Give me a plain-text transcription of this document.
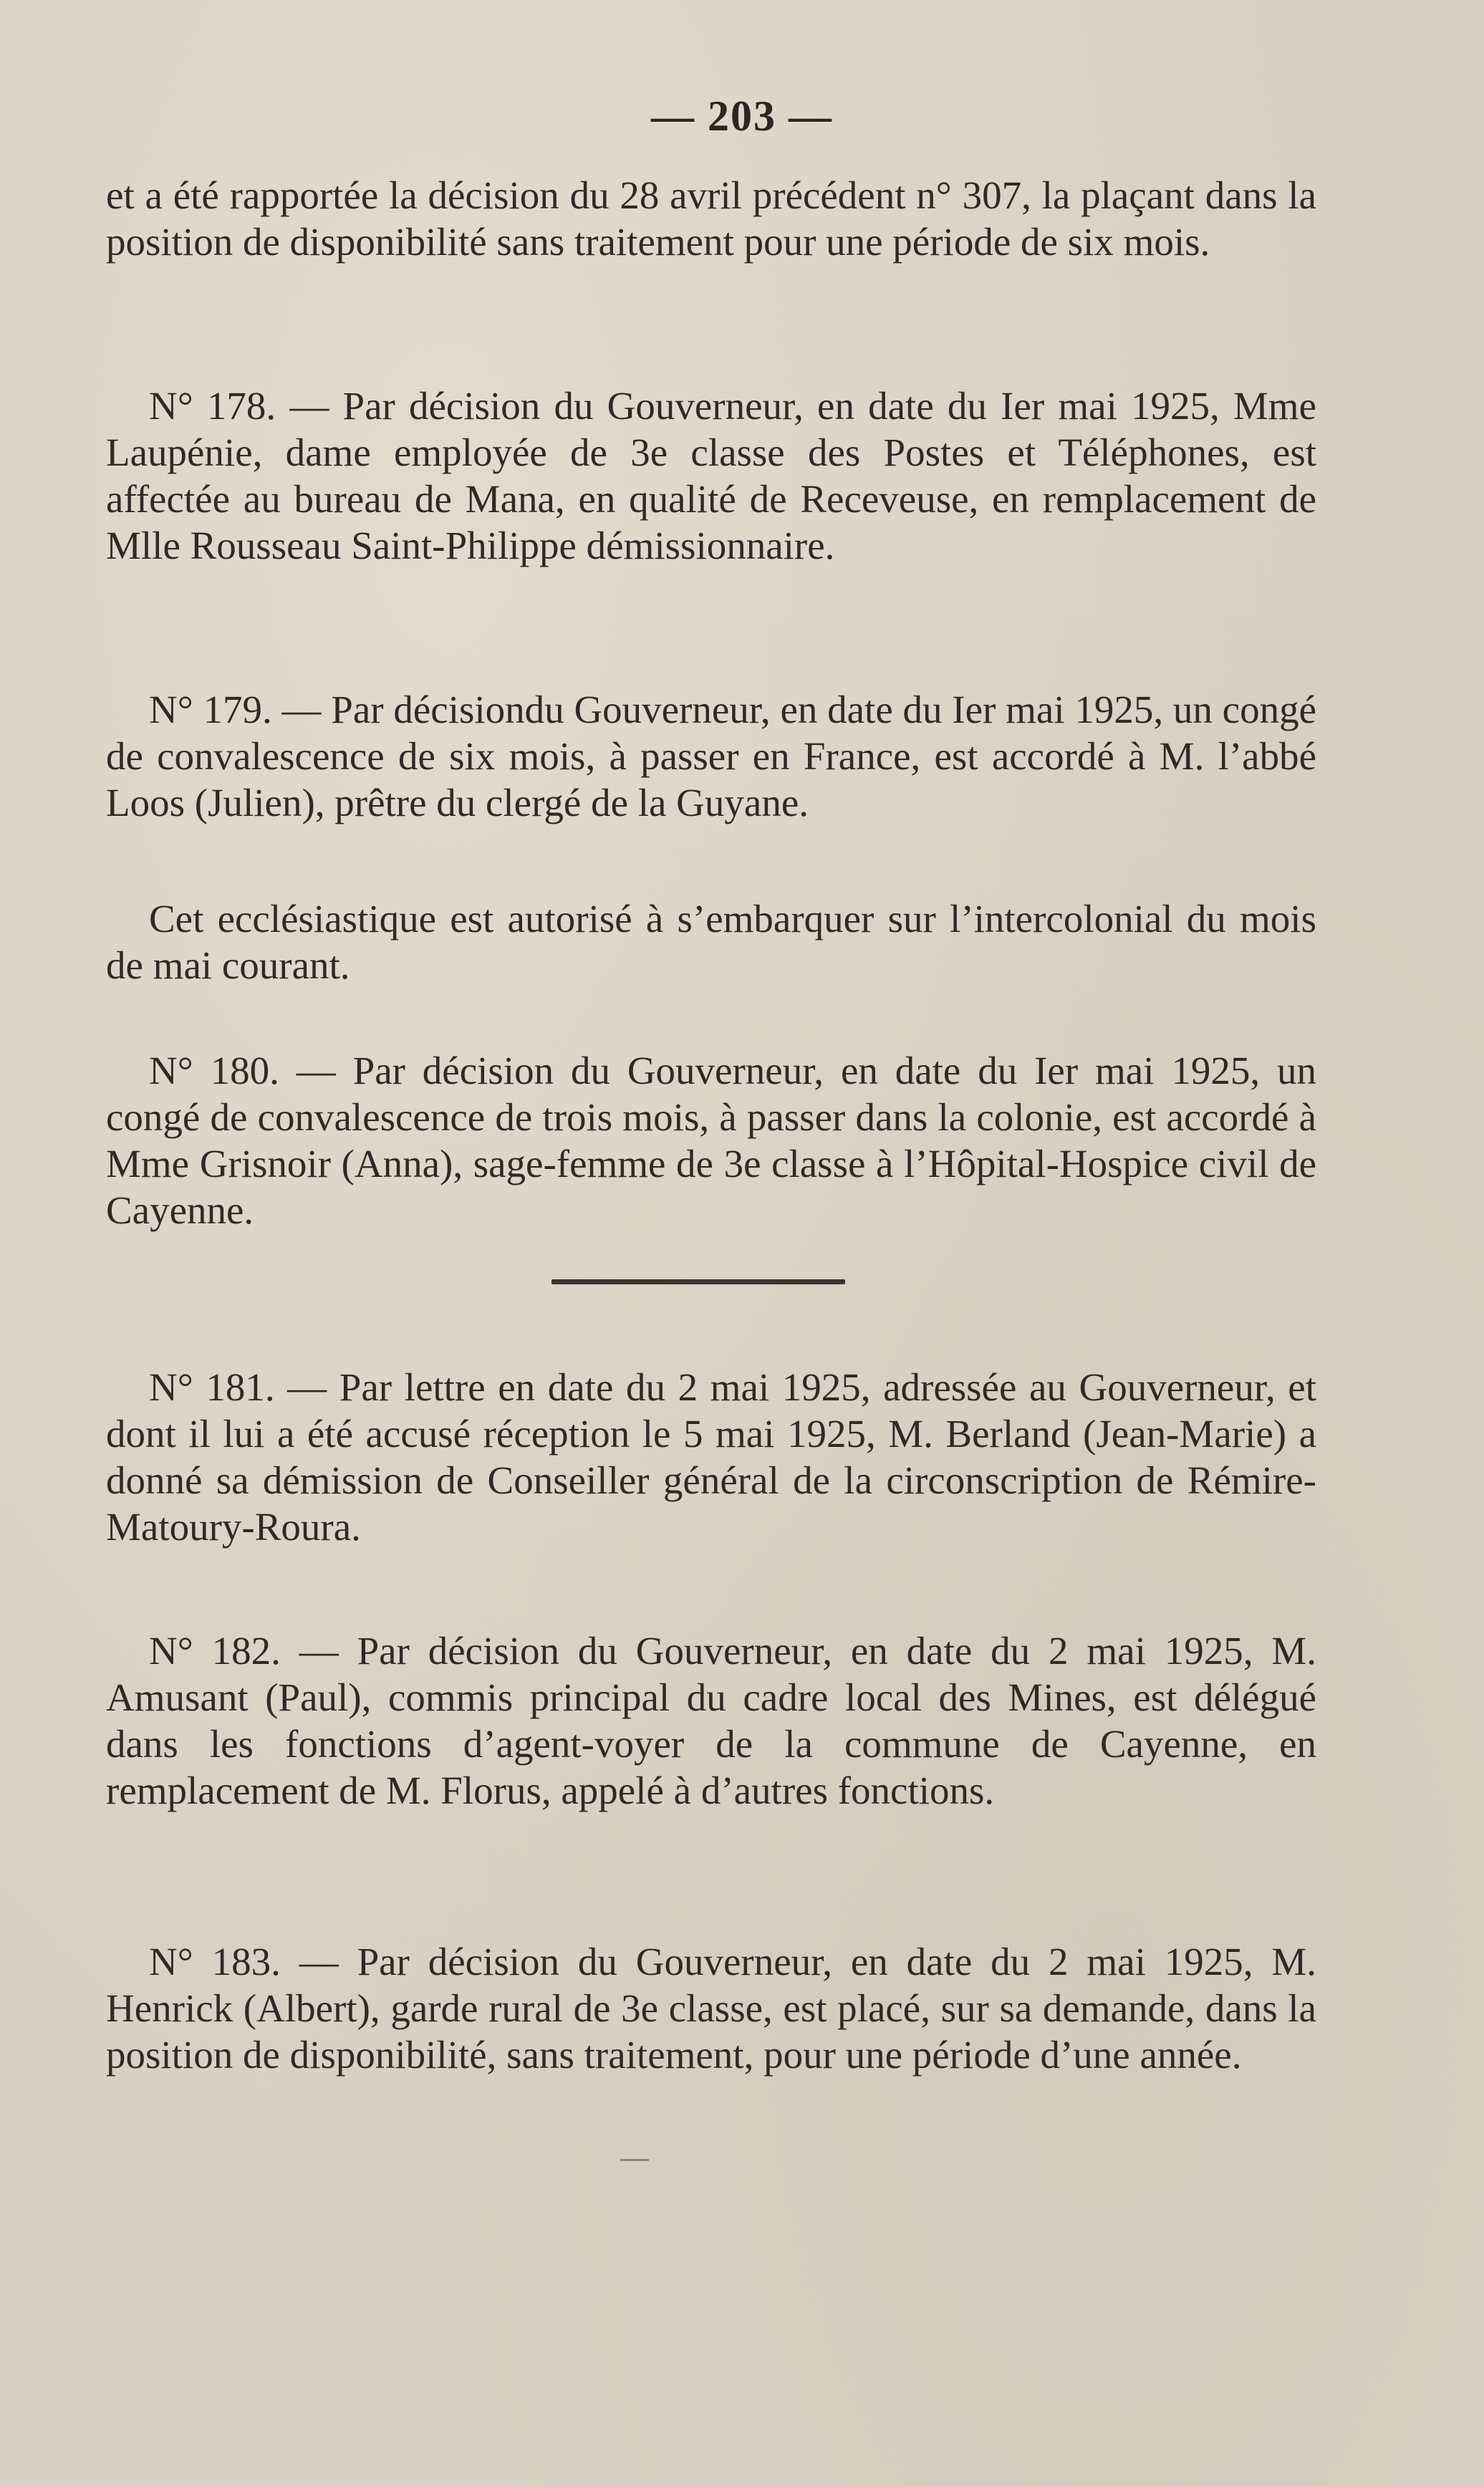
— 203 —

et a été rapportée la décision du 28 avril précédent n° 307, la plaçant dans la position de disponibilité sans traitement pour une période de six mois.

N° 178. — Par décision du Gouverneur, en date du Ier mai 1925, Mme Laupénie, dame employée de 3e classe des Postes et Téléphones, est affectée au bureau de Mana, en qualité de Receveuse, en remplacement de Mlle Rousseau Saint-Philippe démissionnaire.

N° 179. — Par décisiondu Gouverneur, en date du Ier mai 1925, un congé de convalescence de six mois, à passer en France, est accordé à M. l’abbé Loos (Julien), prêtre du clergé de la Guyane.

Cet ecclésiastique est autorisé à s’embarquer sur l’intercolonial du mois de mai courant.

N° 180. — Par décision du Gouverneur, en date du Ier mai 1925, un congé de convalescence de trois mois, à passer dans la colonie, est accordé à Mme Grisnoir (Anna), sage-femme de 3e classe à l’Hôpital-Hospice civil de Cayenne.

N° 181. — Par lettre en date du 2 mai 1925, adressée au Gouverneur, et dont il lui a été accusé réception le 5 mai 1925, M. Berland (Jean-Marie) a donné sa démission de Conseiller général de la circonscription de Rémire-Matoury-Roura.

N° 182. — Par décision du Gouverneur, en date du 2 mai 1925, M. Amusant (Paul), commis principal du cadre local des Mines, est délégué dans les fonctions d’agent-voyer de la commune de Cayenne, en remplacement de M. Florus, appelé à d’autres fonctions.

N° 183. — Par décision du Gouverneur, en date du 2 mai 1925, M. Henrick (Albert), garde rural de 3e classe, est placé, sur sa demande, dans la position de disponibilité, sans traitement, pour une période d’une année.
